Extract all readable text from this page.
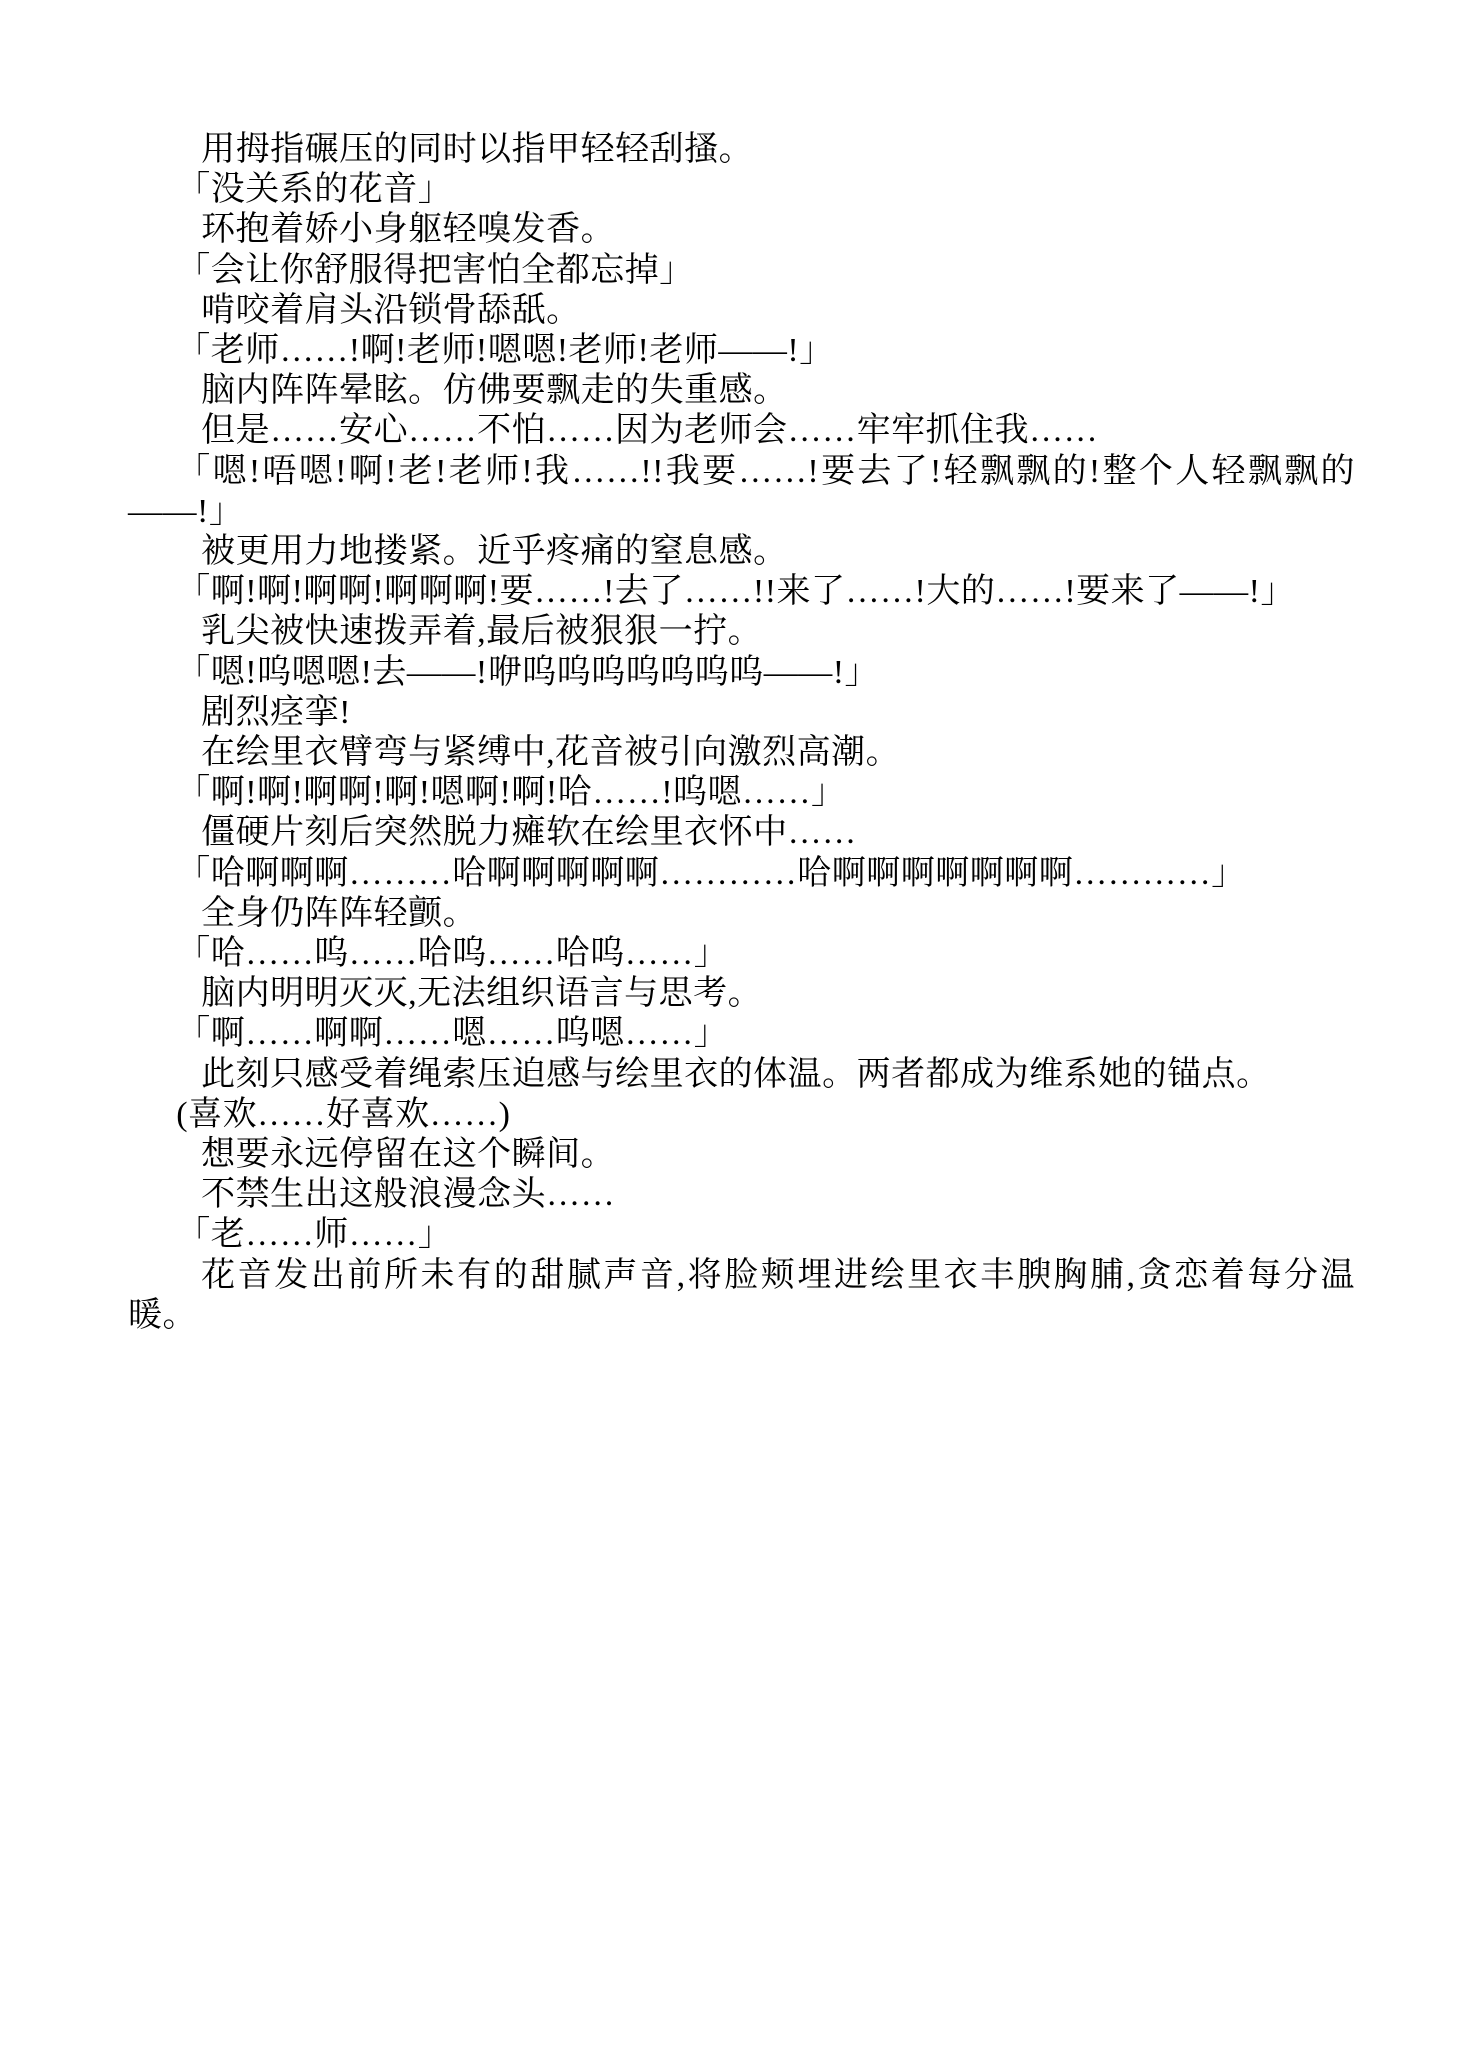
用拇指碾压的同时以指甲轻轻刮搔。

「没关系的花音」

环抱着娇小身躯轻嗅发香。

「会让你舒服得把害怕全都忘掉」

啃咬着肩头沿锁骨舔舐。

「老师……!啊!老师!嗯嗯!老师!老师——!」

脑内阵阵晕眩。仿佛要飘走的失重感。

但是……安心……不怕……因为老师会……牢牢抓住我……

「嗯!唔嗯!啊!老!老师!我……!!我要……!要去了!轻飘飘的!整个人轻飘飘的——!」

被更用力地搂紧。近乎疼痛的窒息感。

「啊!啊!啊啊!啊啊啊!要……!去了……!!来了……!大的……!要来了——!」

乳尖被快速拨弄着,最后被狠狠一拧。

「嗯!呜嗯嗯!去——!咿呜呜呜呜呜呜呜——!」

剧烈痉挛!

在绘里衣臂弯与紧缚中,花音被引向激烈高潮。

「啊!啊!啊啊!啊!嗯啊!啊!哈……!呜嗯……」

僵硬片刻后突然脱力瘫软在绘里衣怀中……

「哈啊啊啊………哈啊啊啊啊啊…………哈啊啊啊啊啊啊啊…………」

全身仍阵阵轻颤。

「哈……呜……哈呜……哈呜……」

脑内明明灭灭,无法组织语言与思考。

「啊……啊啊……嗯……呜嗯……」

此刻只感受着绳索压迫感与绘里衣的体温。两者都成为维系她的锚点。

(喜欢……好喜欢……)

想要永远停留在这个瞬间。

不禁生出这般浪漫念头……

「老……师……」

花音发出前所未有的甜腻声音,将脸颊埋进绘里衣丰腴胸脯,贪恋着每分温暖。
